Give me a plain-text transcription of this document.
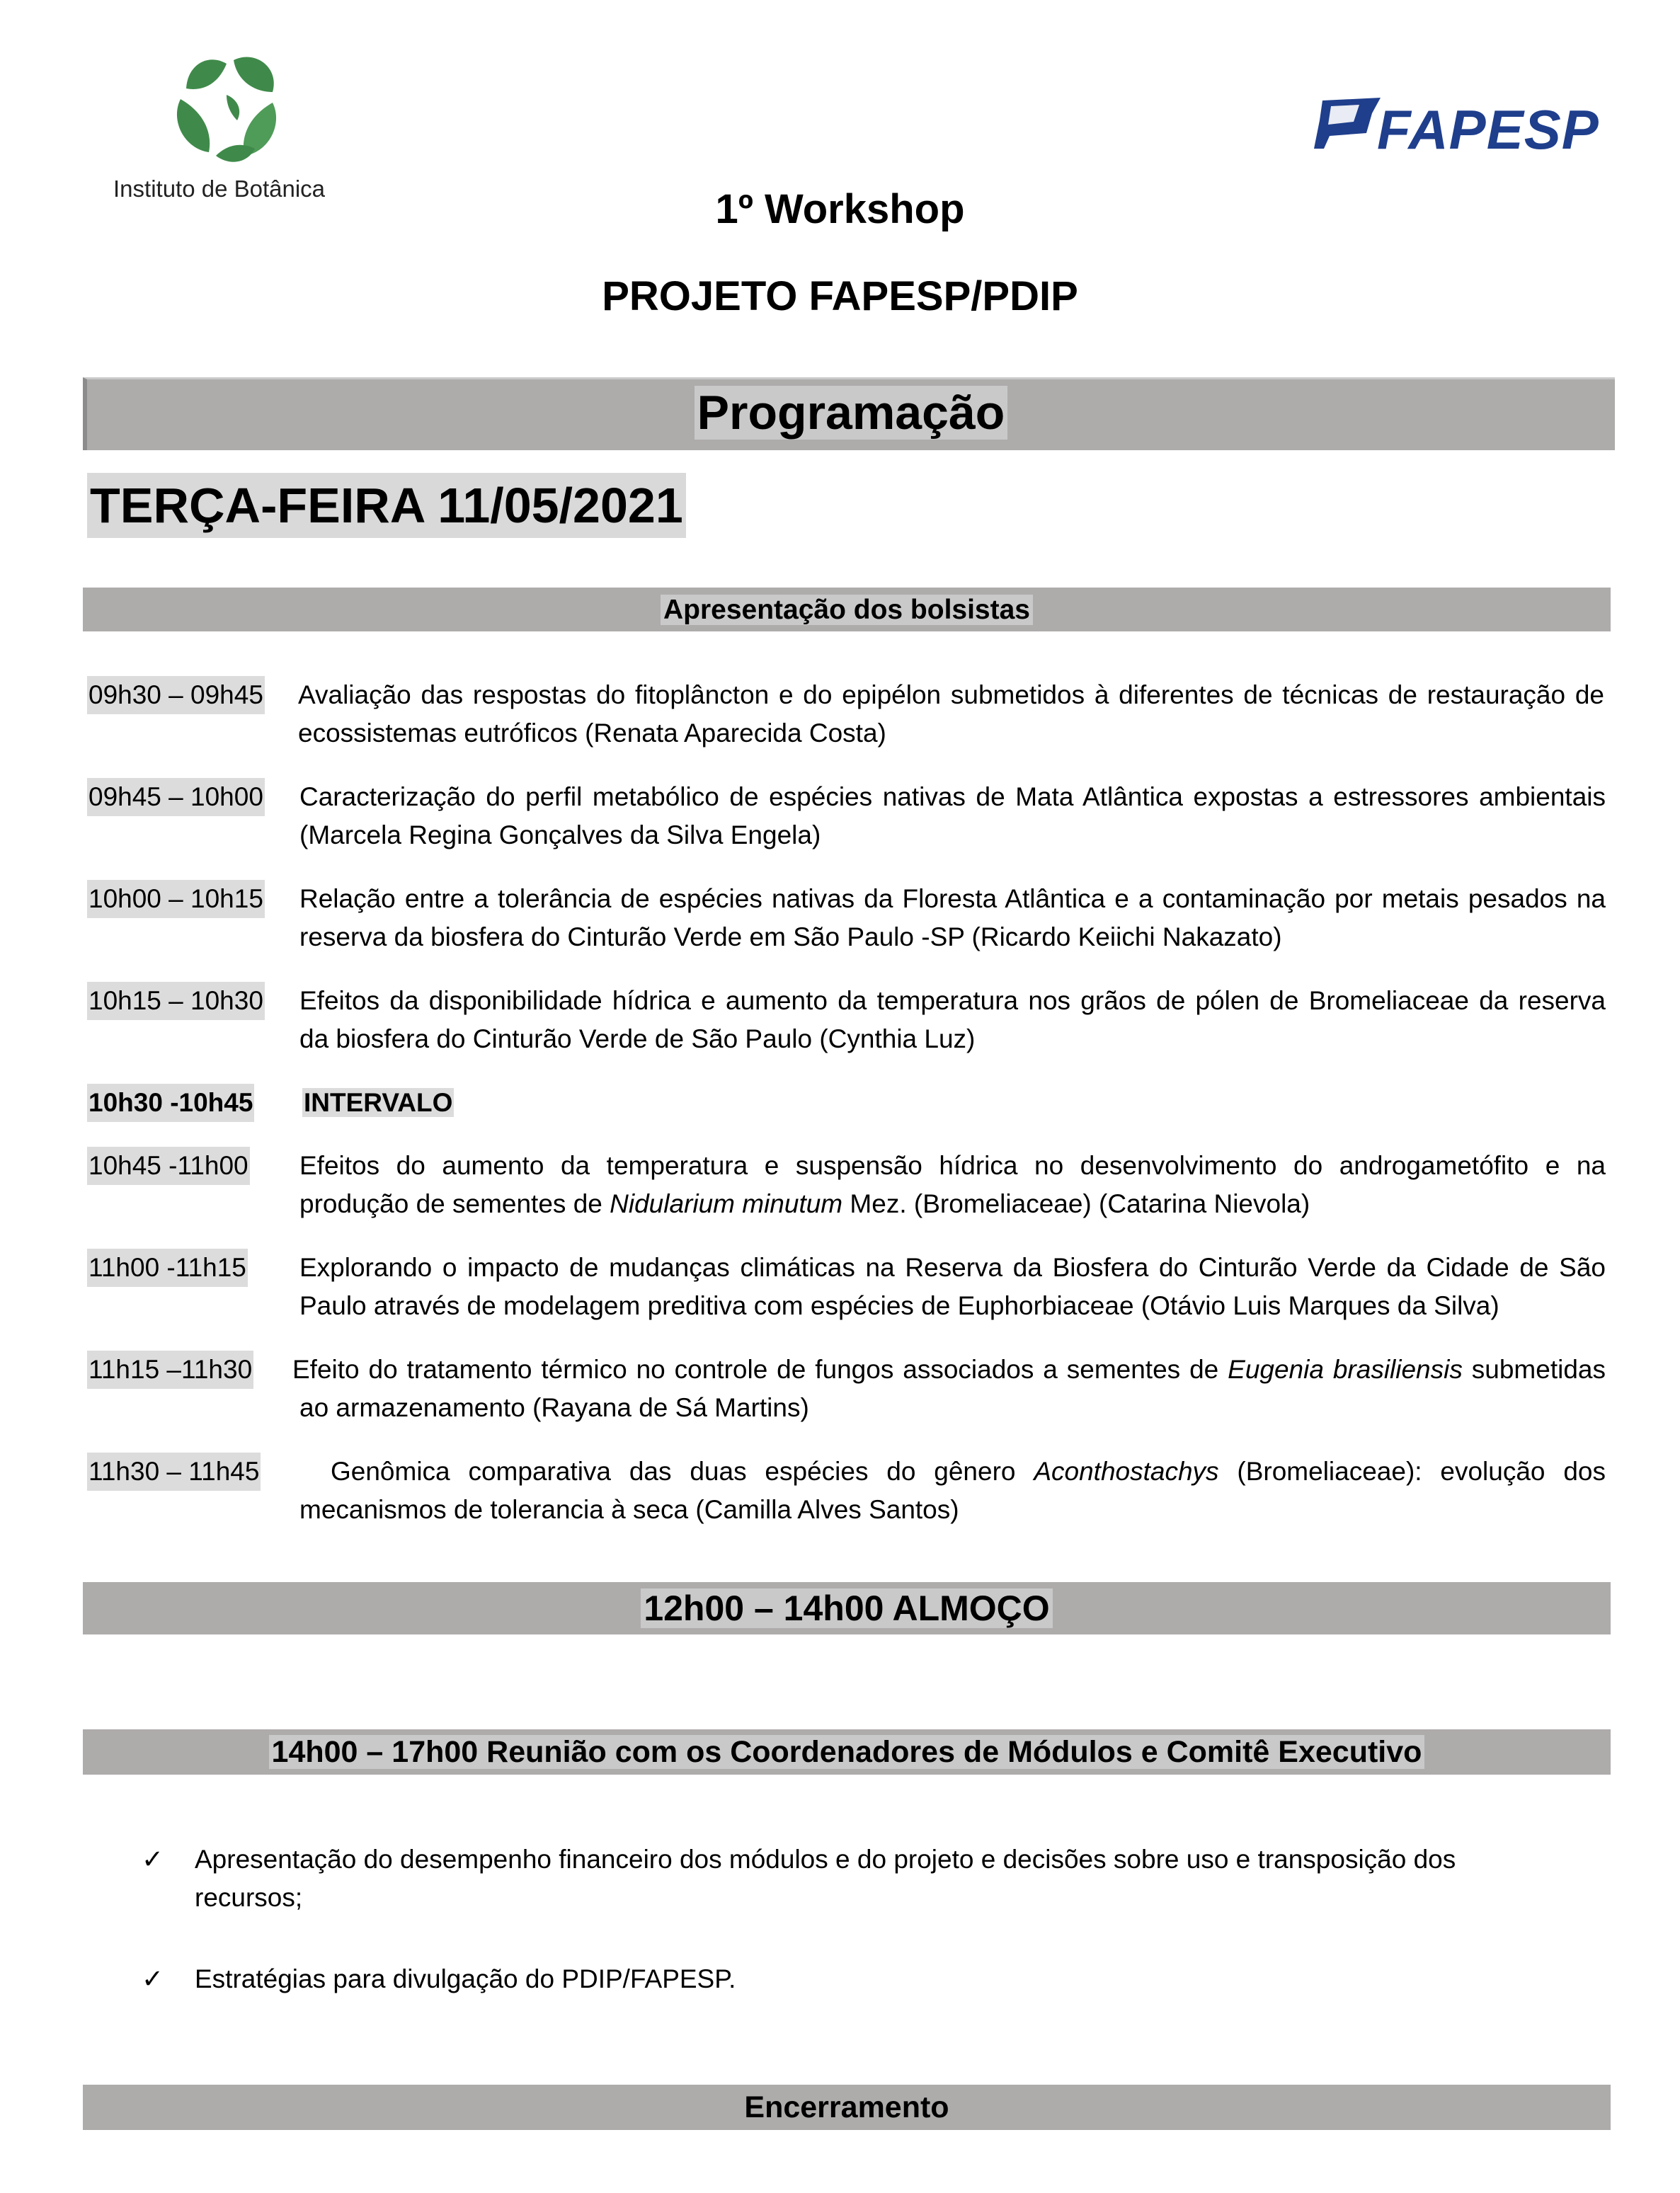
Instituto de Botânica
FAPESP
1º Workshop
PROJETO FAPESP/PDIP
Programação
TERÇA-FEIRA 11/05/2021
Apresentação dos bolsistas
09h30 – 09h45 Avaliação das respostas do fitoplâncton e do epipélon submetidos à diferentes de técnicas de restauração de
ecossistemas eutróficos (Renata Aparecida Costa)
09h45 – 10h00 Caracterização do perfil metabólico de espécies nativas de Mata Atlântica expostas a estressores ambientais
(Marcela Regina Gonçalves da Silva Engela)
10h00 – 10h15 Relação entre a tolerância de espécies nativas da Floresta Atlântica e a contaminação por metais pesados na
reserva da biosfera do Cinturão Verde em São Paulo -SP (Ricardo Keiichi Nakazato)
10h15 – 10h30 Efeitos da disponibilidade hídrica e aumento da temperatura nos grãos de pólen de Bromeliaceae da reserva
da biosfera do Cinturão Verde de São Paulo (Cynthia Luz)
10h30 -10h45 INTERVALO
10h45 -11h00 Efeitos do aumento da temperatura e suspensão hídrica no desenvolvimento do androgametófito e na
produção de sementes de Nidularium minutum Mez. (Bromeliaceae) (Catarina Nievola)
11h00 -11h15 Explorando o impacto de mudanças climáticas na Reserva da Biosfera do Cinturão Verde da Cidade de São
Paulo através de modelagem preditiva com espécies de Euphorbiaceae (Otávio Luis Marques da Silva)
11h15 –11h30 Efeito do tratamento térmico no controle de fungos associados a sementes de Eugenia brasiliensis submetidas
ao armazenamento (Rayana de Sá Martins)
11h30 – 11h45	Genômica comparativa das duas espécies do gênero Aconthostachys (Bromeliaceae): evolução dos
mecanismos de tolerancia à seca (Camilla Alves Santos)
12h00 – 14h00 ALMOÇO
14h00 – 17h00 Reunião com os Coordenadores de Módulos e Comitê Executivo
✓ Apresentação do desempenho financeiro dos módulos e do projeto e decisões sobre uso e transposição dos
recursos;
✓ Estratégias para divulgação do PDIP/FAPESP.
Encerramento
